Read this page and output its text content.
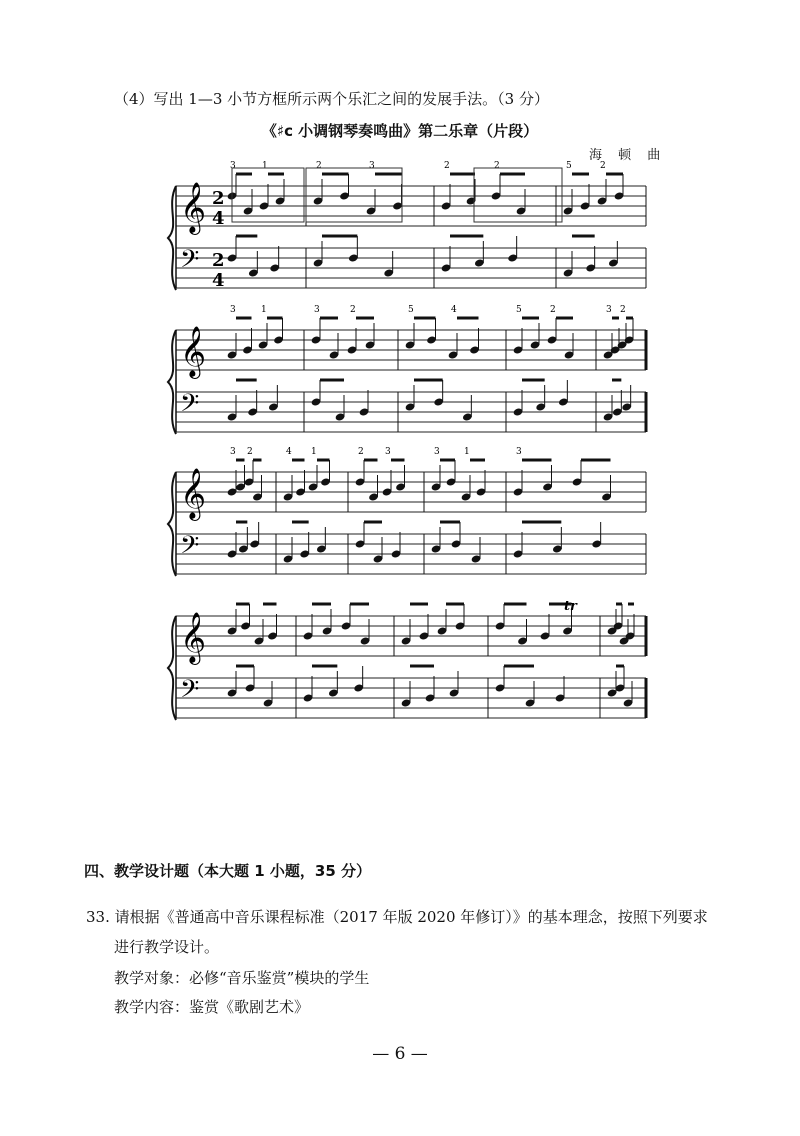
（4）写出 1—3 小节方框所示两个乐汇之间的发展手法。（3 分）
《♯c 小调钢琴奏鸣曲》第二乐章（片段）
海 顿 曲
𝄞 2
4
3	1	2	3	2	2	5	2
𝄢 2
4
𝄞
3	1	3	2	5	4	5	2	3 2
𝄢
𝄞
3 2	4 1	2 3	3	1	3
𝄢
𝄞
𝄢
tr
四、教学设计题（本大题 1 小题，35 分）
33. 请根据《普通高中音乐课程标准（2017 年版 2020 年修订）》的基本理念，按照下列要求
进行教学设计。
教学对象：必修“音乐鉴赏”模块的学生
教学内容：鉴赏《歌剧艺术》
— 6 —
